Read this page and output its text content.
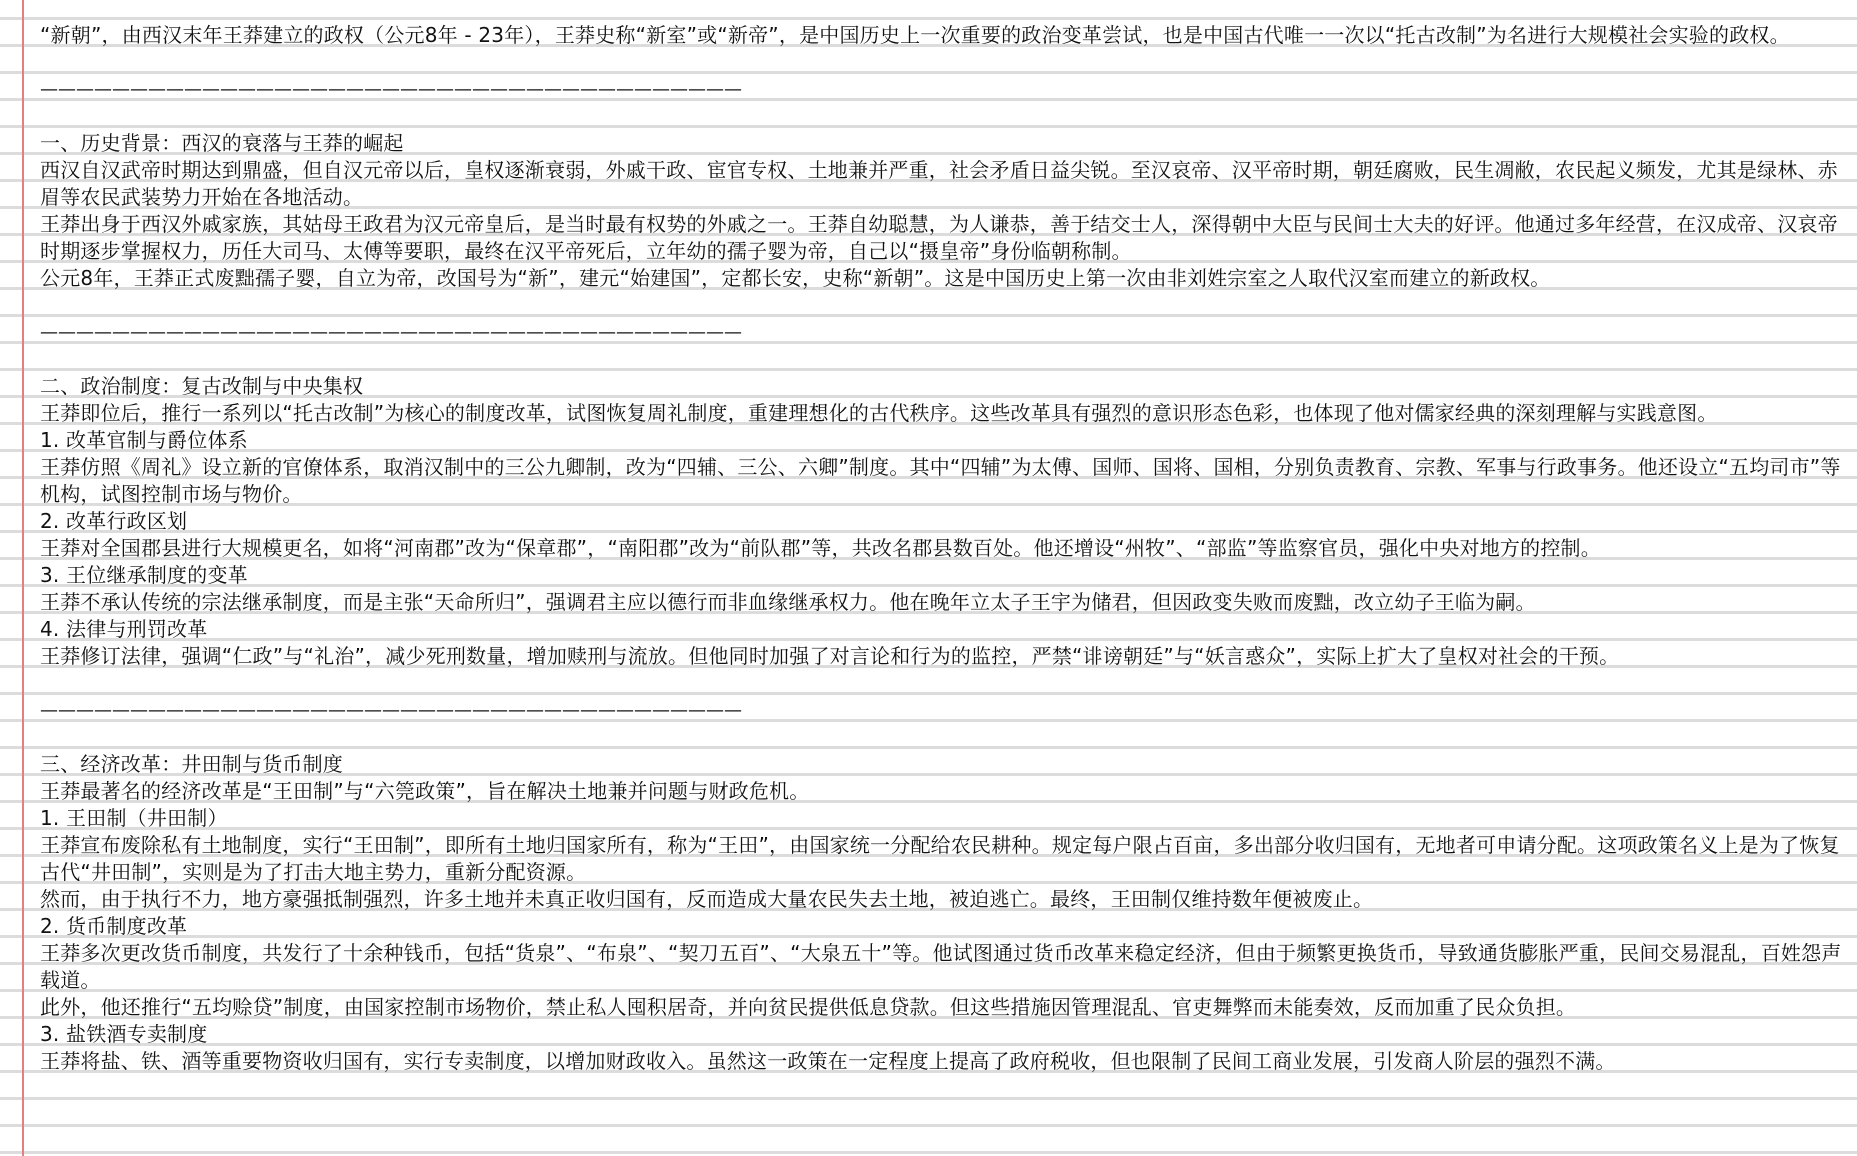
“新朝”，由西汉末年王莽建立的政权（公元8年 - 23年），王莽史称“新室”或“新帝”，是中国历史上一次重要的政治变革尝试，也是中国古代唯一一次以“托古改制”为名进行大规模社会实验的政权。
———————————————————————————————————————
一、历史背景：西汉的衰落与王莽的崛起
西汉自汉武帝时期达到鼎盛，但自汉元帝以后，皇权逐渐衰弱，外戚干政、宦官专权、土地兼并严重，社会矛盾日益尖锐。至汉哀帝、汉平帝时期，朝廷腐败，民生凋敝，农民起义频发，尤其是绿林、赤眉等农民武装势力开始在各地活动。
王莽出身于西汉外戚家族，其姑母王政君为汉元帝皇后，是当时最有权势的外戚之一。王莽自幼聪慧，为人谦恭，善于结交士人，深得朝中大臣与民间士大夫的好评。他通过多年经营，在汉成帝、汉哀帝时期逐步掌握权力，历任大司马、太傅等要职，最终在汉平帝死后，立年幼的孺子婴为帝，自己以“摄皇帝”身份临朝称制。
公元8年，王莽正式废黜孺子婴，自立为帝，改国号为“新”，建元“始建国”，定都长安，史称“新朝”。这是中国历史上第一次由非刘姓宗室之人取代汉室而建立的新政权。
———————————————————————————————————————
二、政治制度：复古改制与中央集权
王莽即位后，推行一系列以“托古改制”为核心的制度改革，试图恢复周礼制度，重建理想化的古代秩序。这些改革具有强烈的意识形态色彩，也体现了他对儒家经典的深刻理解与实践意图。
1. 改革官制与爵位体系
王莽仿照《周礼》设立新的官僚体系，取消汉制中的三公九卿制，改为“四辅、三公、六卿”制度。其中“四辅”为太傅、国师、国将、国相，分别负责教育、宗教、军事与行政事务。他还设立“五均司市”等机构，试图控制市场与物价。
2. 改革行政区划
王莽对全国郡县进行大规模更名，如将“河南郡”改为“保章郡”，“南阳郡”改为“前队郡”等，共改名郡县数百处。他还增设“州牧”、“部监”等监察官员，强化中央对地方的控制。
3. 王位继承制度的变革
王莽不承认传统的宗法继承制度，而是主张“天命所归”，强调君主应以德行而非血缘继承权力。他在晚年立太子王宇为储君，但因政变失败而废黜，改立幼子王临为嗣。
4. 法律与刑罚改革
王莽修订法律，强调“仁政”与“礼治”，减少死刑数量，增加赎刑与流放。但他同时加强了对言论和行为的监控，严禁“诽谤朝廷”与“妖言惑众”，实际上扩大了皇权对社会的干预。
———————————————————————————————————————
三、经济改革：井田制与货币制度
王莽最著名的经济改革是“王田制”与“六筦政策”，旨在解决土地兼并问题与财政危机。
1. 王田制（井田制）
王莽宣布废除私有土地制度，实行“王田制”，即所有土地归国家所有，称为“王田”，由国家统一分配给农民耕种。规定每户限占百亩，多出部分收归国有，无地者可申请分配。这项政策名义上是为了恢复古代“井田制”，实则是为了打击大地主势力，重新分配资源。
然而，由于执行不力，地方豪强抵制强烈，许多土地并未真正收归国有，反而造成大量农民失去土地，被迫逃亡。最终，王田制仅维持数年便被废止。
2. 货币制度改革
王莽多次更改货币制度，共发行了十余种钱币，包括“货泉”、“布泉”、“契刀五百”、“大泉五十”等。他试图通过货币改革来稳定经济，但由于频繁更换货币，导致通货膨胀严重，民间交易混乱，百姓怨声载道。
此外，他还推行“五均赊贷”制度，由国家控制市场物价，禁止私人囤积居奇，并向贫民提供低息贷款。但这些措施因管理混乱、官吏舞弊而未能奏效，反而加重了民众负担。
3. 盐铁酒专卖制度
王莽将盐、铁、酒等重要物资收归国有，实行专卖制度，以增加财政收入。虽然这一政策在一定程度上提高了政府税收，但也限制了民间工商业发展，引发商人阶层的强烈不满。
